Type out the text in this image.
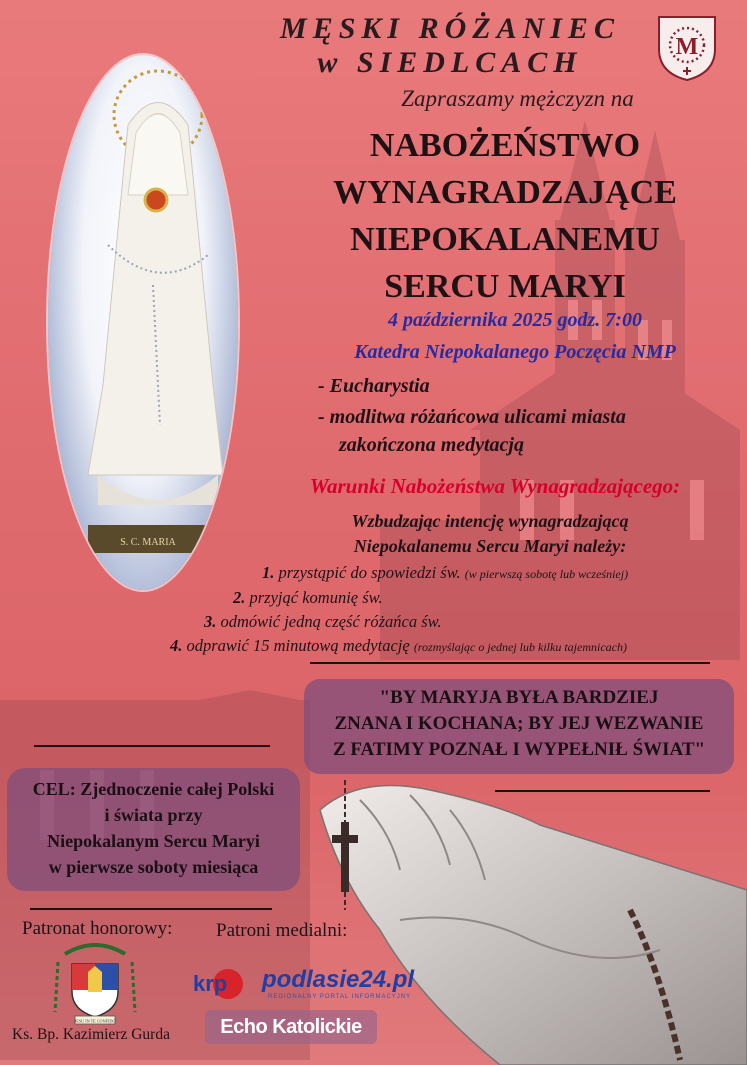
S. C. MARIA
MĘSKI RÓŻANIEC
w SIEDLCACH	M
Zapraszamy mężczyzn na
NABOŻEŃSTWO
WYNAGRADZAJĄCE
NIEPOKALANEMU
SERCU MARYI
4 października 2025 godz. 7:00
Katedra Niepokalanego Poczęcia NMP
- Eucharystia
- modlitwa różańcowa ulicami miasta
zakończona medytacją
Warunki Nabożeństwa Wynagradzającego:
Wzbudzając intencję wynagradzającą
Niepokalanemu Sercu Maryi należy:
1. przystąpić do spowiedzi św. (w pierwszą sobotę lub wcześniej)
2. przyjąć komunię św.
3. odmówić jedną część różańca św.
4. odprawić 15 minutową medytację (rozmyślając o jednej lub kilku tajemnicach)
"BY MARYJA BYŁA BARDZIEJ
ZNANA I KOCHANA; BY JEJ WEZWANIE
Z FATIMY POZNAŁ I WYPEŁNIŁ ŚWIAT"
CEL: Zjednoczenie całej Polski
i świata przy
Niepokalanym Sercu Maryi
w pierwsze soboty miesiąca
Patronat honorowy: Patroni medialni:
JESU IN TE CONFIDO
Ks. Bp. Kazimierz Gurda
krp podlasie24.pl
REGIONALNY PORTAL INFORMACYJNY
Echo Katolickie
